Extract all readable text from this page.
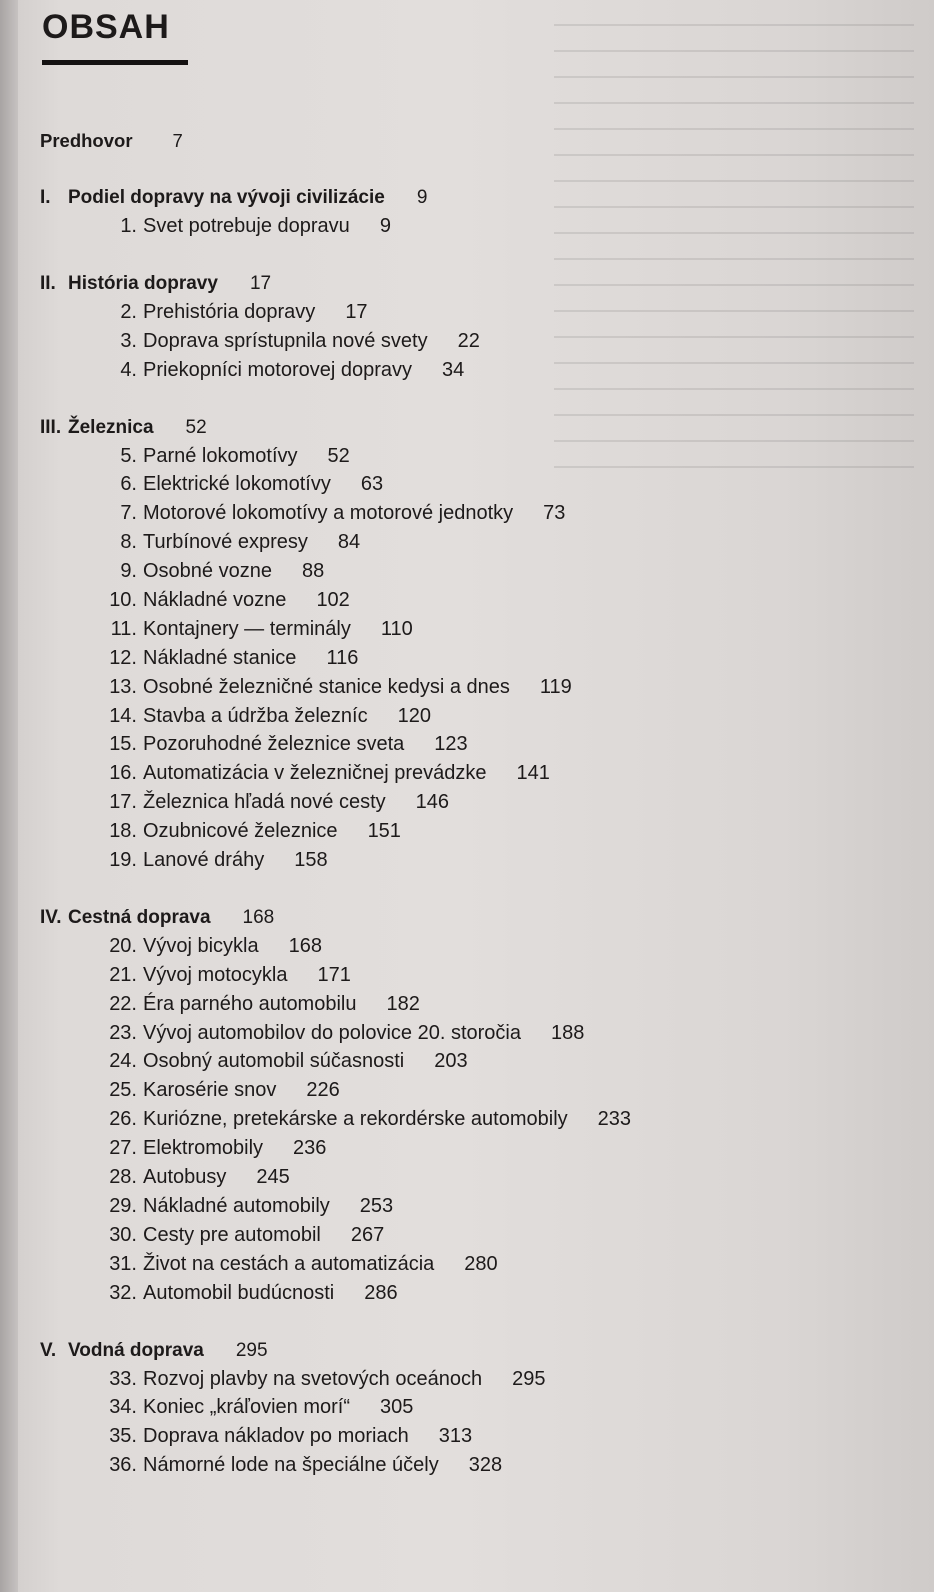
OBSAH
Predhovor 7
I. Podiel dopravy na vývoji civilizácie 9
1. Svet potrebuje dopravu 9
II. História dopravy 17
2. Prehistória dopravy 17
3. Doprava sprístupnila nové svety 22
4. Priekopníci motorovej dopravy 34
III. Železnica 52
5. Parné lokomotívy 52
6. Elektrické lokomotívy 63
7. Motorové lokomotívy a motorové jednotky 73
8. Turbínové expresy 84
9. Osobné vozne 88
10. Nákladné vozne 102
11. Kontajnery — terminály 110
12. Nákladné stanice 116
13. Osobné železničné stanice kedysi a dnes 119
14. Stavba a údržba železníc 120
15. Pozoruhodné železnice sveta 123
16. Automatizácia v železničnej prevádzke 141
17. Železnica hľadá nové cesty 146
18. Ozubnicové železnice 151
19. Lanové dráhy 158
IV. Cestná doprava 168
20. Vývoj bicykla 168
21. Vývoj motocykla 171
22. Éra parného automobilu 182
23. Vývoj automobilov do polovice 20. storočia 188
24. Osobný automobil súčasnosti 203
25. Karosérie snov 226
26. Kuriózne, pretekárske a rekordérske automobily 233
27. Elektromobily 236
28. Autobusy 245
29. Nákladné automobily 253
30. Cesty pre automobil 267
31. Život na cestách a automatizácia 280
32. Automobil budúcnosti 286
V. Vodná doprava 295
33. Rozvoj plavby na svetových oceánoch 295
34. Koniec „kráľovien morí“ 305
35. Doprava nákladov po moriach 313
36. Námorné lode na špeciálne účely 328
